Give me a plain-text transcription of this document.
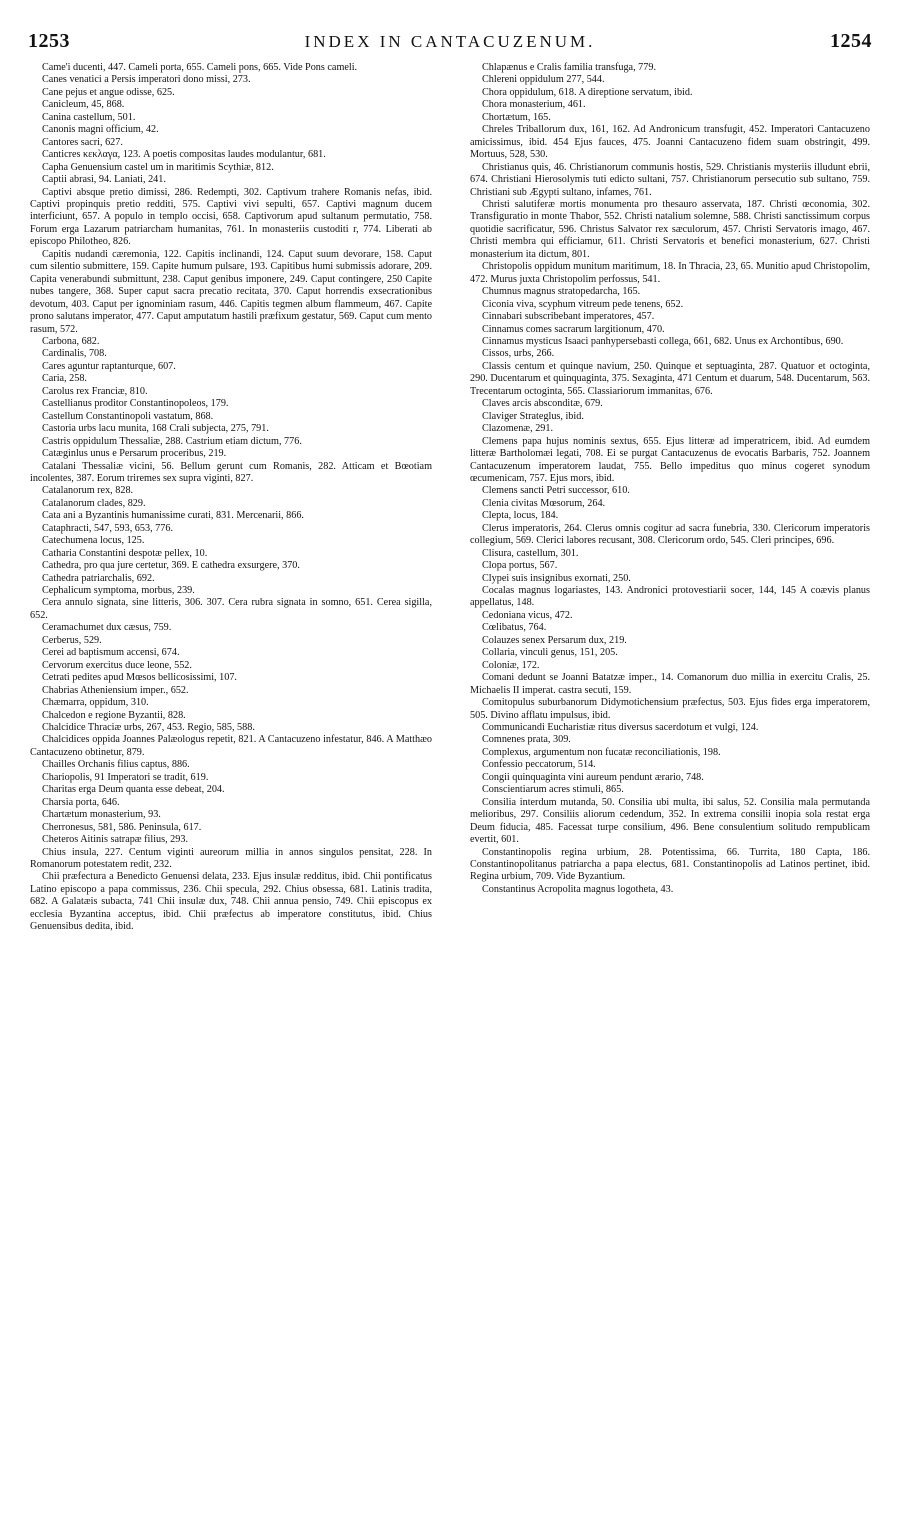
1253	INDEX IN CANTACUZENUM.	1254

Came'i ducenti, 447. Cameli porta, 655. Cameli pons, 665. Vide Pons cameli.

Canes venatici a Persis imperatori dono missi, 273.

Cane pejus et angue odisse, 625.

Canicleum, 45, 868.

Canina castellum, 501.

Canonis magni officium, 42.

Cantores sacri, 627.

Canticres κεκλαγα, 123. A poetis compositas laudes modulantur, 681.

Capha Genuensium castel um in maritimis Scythiæ, 812.

Captii abrasi, 94. Laniati, 241.

Captivi absque pretio dimissi, 286. Redempti, 302. Captivum trahere Romanis nefas, ibid. Captivi propinquis pretio redditi, 575. Captivi vivi sepulti, 657. Captivi magnum ducem interficiunt, 657. A populo in templo occisi, 658. Captivorum apud sultanum permutatio, 758. Forum erga Lazarum patriarcham humanitas, 761. In monasteriis custoditi r, 774. Liberati ab episcopo Philotheo, 826.

Capitis nudandi cæremonia, 122. Capitis inclinandi, 124. Caput suum devorare, 158. Caput cum silentio submittere, 159. Capite humum pulsare, 193. Capitibus humi submissis adorare, 209. Capita venerabundi submittunt, 238. Caput genibus imponere, 249. Caput contingere, 250 Capite nubes tangere, 368. Super caput sacra precatio recitata, 370. Caput horrendis exsecrationibus devotum, 403. Caput per ignominiam rasum, 446. Capitis tegmen album flammeum, 467. Capite prono salutans imperator, 477. Caput amputatum hastili præfixum gestatur, 569. Caput cum mento rasum, 572.

Carbona, 682.

Cardinalis, 708.

Cares aguntur raptanturque, 607.

Caria, 258.

Carolus rex Franciæ, 810.

Castellianus proditor Constantinopoleos, 179.

Castellum Constantinopoli vastatum, 868.

Castoria urbs lacu munita, 168 Crali subjecta, 275, 791.

Castris oppidulum Thessaliæ, 288. Castrium etiam dictum, 776.

Catæginlus unus e Persarum proceribus, 219.

Catalani Thessaliæ vicini, 56. Bellum gerunt cum Romanis, 282. Atticam et Bœotiam incolentes, 387. Eorum triremes sex supra viginti, 827.

Catalanorum rex, 828.

Catalanorum clades, 829.

Cata ani a Byzantinis humanissime curati, 831. Mercenarii, 866.

Cataphracti, 547, 593, 653, 776.

Catechumena locus, 125.

Catharia Constantini despotæ pellex, 10.

Cathedra, pro qua jure certetur, 369. E cathedra exsurgere, 370.

Cathedra patriarchalis, 692.

Cephalicum symptoma, morbus, 239.

Cera annulo signata, sine litteris, 306. 307. Cera rubra signata in somno, 651. Cerea sigilla, 652.

Ceramachumet dux cæsus, 759.

Cerberus, 529.

Cerei ad baptismum accensi, 674.

Cervorum exercitus duce leone, 552.

Cetrati pedites apud Mœsos bellicosissimi, 107.

Chabrias Atheniensium imper., 652.

Chæmarra, oppidum, 310.

Chalcedon e regione Byzantii, 828.

Chalcidice Thraciæ urbs, 267, 453. Regio, 585, 588.

Chalcidices oppida Joannes Palæologus repetit, 821. A Cantacuzeno infestatur, 846. A Matthæo Cantacuzeno obtinetur, 879.

Chailles Orchanis filius captus, 886.

Chariopolis, 91 Imperatori se tradit, 619.

Charitas erga Deum quanta esse debeat, 204.

Charsia porta, 646.

Chartætum monasterium, 93.

Cherronesus, 581, 586. Peninsula, 617.

Cheteros Aitinis satrapæ filius, 293.

Chius insula, 227. Centum viginti aureorum millia in annos singulos pensitat, 228. In Romanorum potestatem redit, 232.

Chii præfectura a Benedicto Genuensi delata, 233. Ejus insulæ redditus, ibid. Chii pontificatus Latino episcopo a papa commissus, 236. Chii specula, 292. Chius obsessa, 681. Latinis tradita, 682. A Galatæis subacta, 741 Chii insulæ dux, 748. Chii annua pensio, 749. Chii episcopus ex ecclesia Byzantina acceptus, ibid. Chii præfectus ab imperatore constitutus, ibid. Chius Genuensibus dedita, ibid.

Chlapænus e Cralis familia transfuga, 779.

Chlereni oppidulum 277, 544.

Chora oppidulum, 618. A direptione servatum, ibid.

Chora monasterium, 461.

Chortætum, 165.

Chreles Triballorum dux, 161, 162. Ad Andronicum transfugit, 452. Imperatori Cantacuzeno amicissimus, ibid. 454 Ejus fauces, 475. Joanni Cantacuzeno fidem suam obstringit, 499. Mortuus, 528, 530.

Christianus quis, 46. Christianorum communis hostis, 529. Christianis mysteriis illudunt ebrii, 674. Christiani Hierosolymis tuti edicto sultani, 757. Christianorum persecutio sub sultano, 759. Christiani sub Ægypti sultano, infames, 761.

Christi salutiferæ mortis monumenta pro thesauro asservata, 187. Christi œconomia, 302. Transfiguratio in monte Thabor, 552. Christi natalium solemne, 588. Christi sanctissimum corpus quotidie sacrificatur, 596. Christus Salvator rex sæculorum, 457. Christi Servatoris imago, 467. Christi membra qui efficiamur, 611. Christi Servatoris et benefici monasterium, 627. Christi monasterium ita dictum, 801.

Christopolis oppidum munitum maritimum, 18. In Thracia, 23, 65. Munitio apud Christopolim, 472. Murus juxta Christopolim perfossus, 541.

Chumnus magnus stratopedarcha, 165.

Ciconia viva, scyphum vitreum pede tenens, 652.

Cinnabari subscribebant imperatores, 457.

Cinnamus comes sacrarum largitionum, 470.

Cinnamus mysticus Isaaci panhypersebasti collega, 661, 682. Unus ex Archontibus, 690.

Cissos, urbs, 266.

Classis centum et quinque navium, 250. Quinque et septuaginta, 287. Quatuor et octoginta, 290. Ducentarum et quinquaginta, 375. Sexaginta, 471 Centum et duarum, 548. Ducentarum, 563. Trecentarum octoginta, 565. Classiariorum immanitas, 676.

Claves arcis absconditæ, 679.

Claviger Strateglus, ibid.

Clazomenæ, 291.

Clemens papa hujus nominis sextus, 655. Ejus litteræ ad imperatricem, ibid. Ad eumdem litteræ Bartholomæi legati, 708. Ei se purgat Cantacuzenus de evocatis Barbaris, 752. Joannem Cantacuzenum imperatorem laudat, 755. Bello impeditus quo minus cogeret synodum œcumenicam, 757. Ejus mors, ibid.

Clemens sancti Petri successor, 610.

Clenia civitas Mœsorum, 264.

Clepta, locus, 184.

Clerus imperatoris, 264. Clerus omnis cogitur ad sacra funebria, 330. Clericorum imperatoris collegium, 569. Clerici labores recusant, 308. Clericorum ordo, 545. Cleri principes, 696.

Clisura, castellum, 301.

Clopa portus, 567.

Clypei suis insignibus exornati, 250.

Cocalas magnus logariastes, 143. Andronici protovestiarii socer, 144, 145 A coævis planus appellatus, 148.

Cedoniana vicus, 472.

Cœlibatus, 764.

Colauzes senex Persarum dux, 219.

Collaria, vinculi genus, 151, 205.

Coloniæ, 172.

Comani dedunt se Joanni Batatzæ imper., 14. Comanorum duo millia in exercitu Cralis, 25. Michaelis II imperat. castra secuti, 159.

Comitopulus suburbanorum Didymotichensium præfectus, 503. Ejus fides erga imperatorem, 505. Divino afflatu impulsus, ibid.

Communicandi Eucharistiæ ritus diversus sacerdotum et vulgi, 124.

Comnenes prata, 309.

Complexus, argumentum non fucatæ reconciliationis, 198.

Confessio peccatorum, 514.

Congii quinquaginta vini aureum pendunt ærario, 748.

Conscientiarum acres stimuli, 865.

Consilia interdum mutanda, 50. Consilia ubi multa, ibi salus, 52. Consilia mala permutanda melioribus, 297. Consiliis aliorum cedendum, 352. In extrema consilii inopia sola restat erga Deum fiducia, 485. Facessat turpe consilium, 496. Bene consulentium solitudo rempublicam evertit, 601.

Constantinopolis regina urbium, 28. Potentissima, 66. Turrita, 180 Capta, 186. Constantinopolitanus patriarcha a papa electus, 681. Constantinopolis ad Latinos pertinet, ibid. Regina urbium, 709. Vide Byzantium.

Constantinus Acropolita magnus logotheta, 43.
